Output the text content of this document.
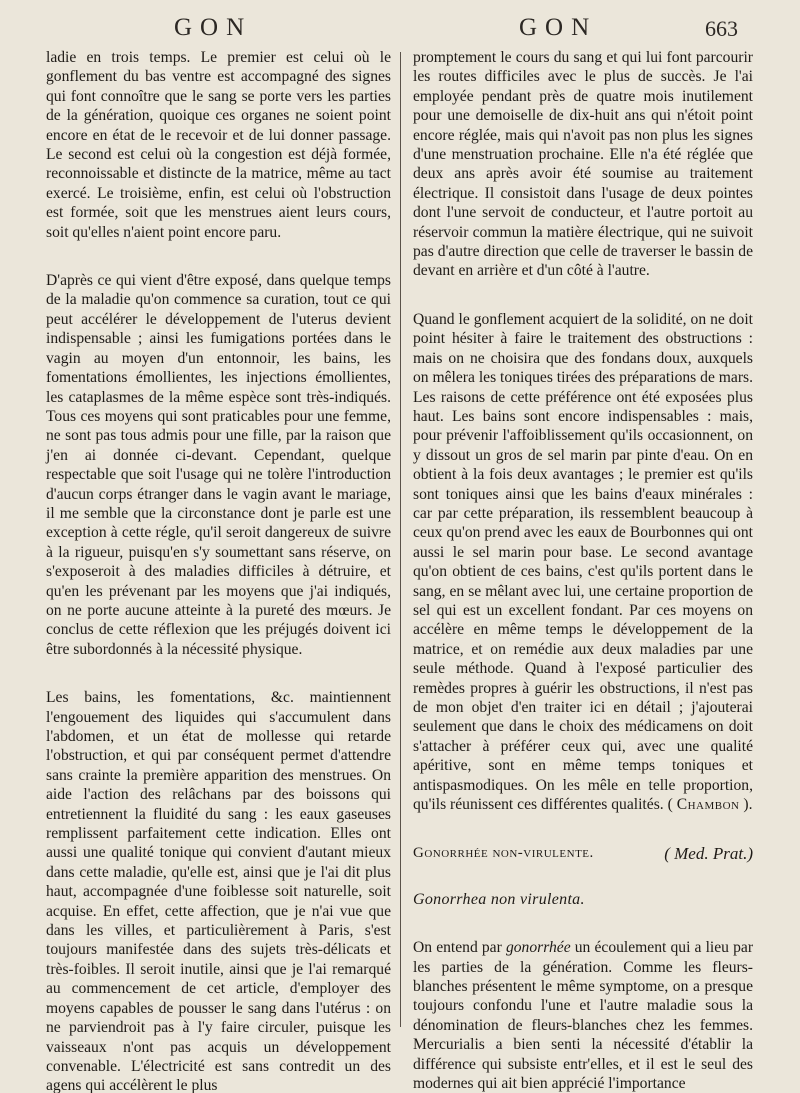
GON	GON	663

ladie en trois temps. Le premier est celui où le gonflement du bas ventre est accompagné des signes qui font connoître que le sang se porte vers les parties de la génération, quoique ces organes ne soient point encore en état de le recevoir et de lui donner passage. Le second est celui où la congestion est déjà formée, reconnoissable et distincte de la matrice, même au tact exercé. Le troisième, enfin, est celui où l'obstruction est formée, soit que les menstrues aient leurs cours, soit qu'elles n'aient point encore paru.

D'après ce qui vient d'être exposé, dans quelque temps de la maladie qu'on commence sa curation, tout ce qui peut accélérer le développement de l'uterus devient indispensable ; ainsi les fumigations portées dans le vagin au moyen d'un entonnoir, les bains, les fomentations émollientes, les injections émollientes, les cataplasmes de la même espèce sont très-indiqués. Tous ces moyens qui sont praticables pour une femme, ne sont pas tous admis pour une fille, par la raison que j'en ai donnée ci-devant. Cependant, quelque respectable que soit l'usage qui ne tolère l'introduction d'aucun corps étranger dans le vagin avant le mariage, il me semble que la circonstance dont je parle est une exception à cette régle, qu'il seroit dangereux de suivre à la rigueur, puisqu'en s'y soumettant sans réserve, on s'exposeroit à des maladies difficiles à détruire, et qu'en les prévenant par les moyens que j'ai indiqués, on ne porte aucune atteinte à la pureté des mœurs. Je conclus de cette réflexion que les préjugés doivent ici être subordonnés à la nécessité physique.

Les bains, les fomentations, &c. maintiennent l'engouement des liquides qui s'accumulent dans l'abdomen, et un état de mollesse qui retarde l'obstruction, et qui par conséquent permet d'attendre sans crainte la première apparition des menstrues. On aide l'action des relâchans par des boissons qui entretiennent la fluidité du sang : les eaux gaseuses remplissent parfaitement cette indication. Elles ont aussi une qualité tonique qui convient d'autant mieux dans cette maladie, qu'elle est, ainsi que je l'ai dit plus haut, accompagnée d'une foiblesse soit naturelle, soit acquise. En effet, cette affection, que je n'ai vue que dans les villes, et particulièrement à Paris, s'est toujours manifestée dans des sujets très-délicats et très-foibles. Il seroit inutile, ainsi que je l'ai remarqué au commencement de cet article, d'employer des moyens capables de pousser le sang dans l'utérus : on ne parviendroit pas à l'y faire circuler, puisque les vaisseaux n'ont pas acquis un développement convenable. L'électricité est sans contredit un des agens qui accélèrent le plus

promptement le cours du sang et qui lui font parcourir les routes difficiles avec le plus de succès. Je l'ai employée pendant près de quatre mois inutilement pour une demoiselle de dix-huit ans qui n'étoit point encore réglée, mais qui n'avoit pas non plus les signes d'une menstruation prochaine. Elle n'a été réglée que deux ans après avoir été soumise au traitement électrique. Il consistoit dans l'usage de deux pointes dont l'une servoit de conducteur, et l'autre portoit au réservoir commun la matière électrique, qui ne suivoit pas d'autre direction que celle de traverser le bassin de devant en arrière et d'un côté à l'autre.

Quand le gonflement acquiert de la solidité, on ne doit point hésiter à faire le traitement des obstructions : mais on ne choisira que des fondans doux, auxquels on mêlera les toniques tirées des préparations de mars. Les raisons de cette préférence ont été exposées plus haut. Les bains sont encore indispensables : mais, pour prévenir l'affoiblissement qu'ils occasionnent, on y dissout un gros de sel marin par pinte d'eau. On en obtient à la fois deux avantages ; le premier est qu'ils sont toniques ainsi que les bains d'eaux minérales : car par cette préparation, ils ressemblent beaucoup à ceux qu'on prend avec les eaux de Bourbonnes qui ont aussi le sel marin pour base. Le second avantage qu'on obtient de ces bains, c'est qu'ils portent dans le sang, en se mêlant avec lui, une certaine proportion de sel qui est un excellent fondant. Par ces moyens on accélère en même temps le développement de la matrice, et on remédie aux deux maladies par une seule méthode. Quand à l'exposé particulier des remèdes propres à guérir les obstructions, il n'est pas de mon objet d'en traiter ici en détail ; j'ajouterai seulement que dans le choix des médicamens on doit s'attacher à préférer ceux qui, avec une qualité apéritive, sont en même temps toniques et antispasmodiques. On les mêle en telle proportion, qu'ils réunissent ces différentes qualités. ( Chambon ).

Gonorrhée non-virulente.	( Med. Prat.)

Gonorrhea non virulenta.

On entend par gonorrhée un écoulement qui a lieu par les parties de la génération. Comme les fleurs-blanches présentent le même symptome, on a presque toujours confondu l'une et l'autre maladie sous la dénomination de fleurs-blanches chez les femmes. Mercurialis a bien senti la nécessité d'établir la différence qui subsiste entr'elles, et il est le seul des modernes qui ait bien apprécié l'importance
